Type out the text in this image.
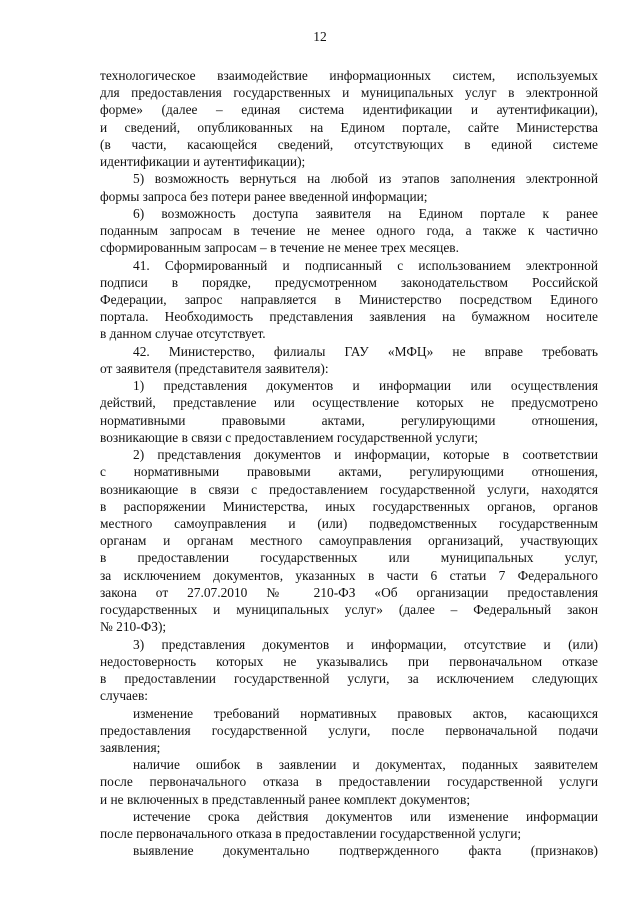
12
технологическое взаимодействие информационных систем, используемых
для предоставления государственных и муниципальных услуг в электронной
форме» (далее – единая система идентификации и аутентификации),
и сведений, опубликованных на Едином портале, сайте Министерства
(в части, касающейся сведений, отсутствующих в единой системе
идентификации и аутентификации);
5) возможность вернуться на любой из этапов заполнения электронной
формы запроса без потери ранее введенной информации;
6) возможность доступа заявителя на Едином портале к ранее
поданным запросам в течение не менее одного года, а также к частично
сформированным запросам – в течение не менее трех месяцев.
41. Сформированный и подписанный с использованием электронной
подписи в порядке, предусмотренном законодательством Российской
Федерации, запрос направляется в Министерство посредством Единого
портала. Необходимость представления заявления на бумажном носителе
в данном случае отсутствует.
42. Министерство, филиалы ГАУ «МФЦ» не вправе требовать
от заявителя (представителя заявителя):
1) представления документов и информации или осуществления
действий, представление или осуществление которых не предусмотрено
нормативными правовыми актами, регулирующими отношения,
возникающие в связи с предоставлением государственной услуги;
2) представления документов и информации, которые в соответствии
с нормативными правовыми актами, регулирующими отношения,
возникающие в связи с предоставлением государственной услуги, находятся
в распоряжении Министерства, иных государственных органов, органов
местного самоуправления и (или) подведомственных государственным
органам и органам местного самоуправления организаций, участвующих
в предоставлении государственных или муниципальных услуг,
за исключением документов, указанных в части 6 статьи 7 Федерального
закона от 27.07.2010 № 210-ФЗ «Об организации предоставления
государственных и муниципальных услуг» (далее – Федеральный закон
№ 210-ФЗ);
3) представления документов и информации, отсутствие и (или)
недостоверность которых не указывались при первоначальном отказе
в предоставлении государственной услуги, за исключением следующих
случаев:
изменение требований нормативных правовых актов, касающихся
предоставления государственной услуги, после первоначальной подачи
заявления;
наличие ошибок в заявлении и документах, поданных заявителем
после первоначального отказа в предоставлении государственной услуги
и не включенных в представленный ранее комплект документов;
истечение срока действия документов или изменение информации
после первоначального отказа в предоставлении государственной услуги;
выявление документально подтвержденного факта (признаков)
